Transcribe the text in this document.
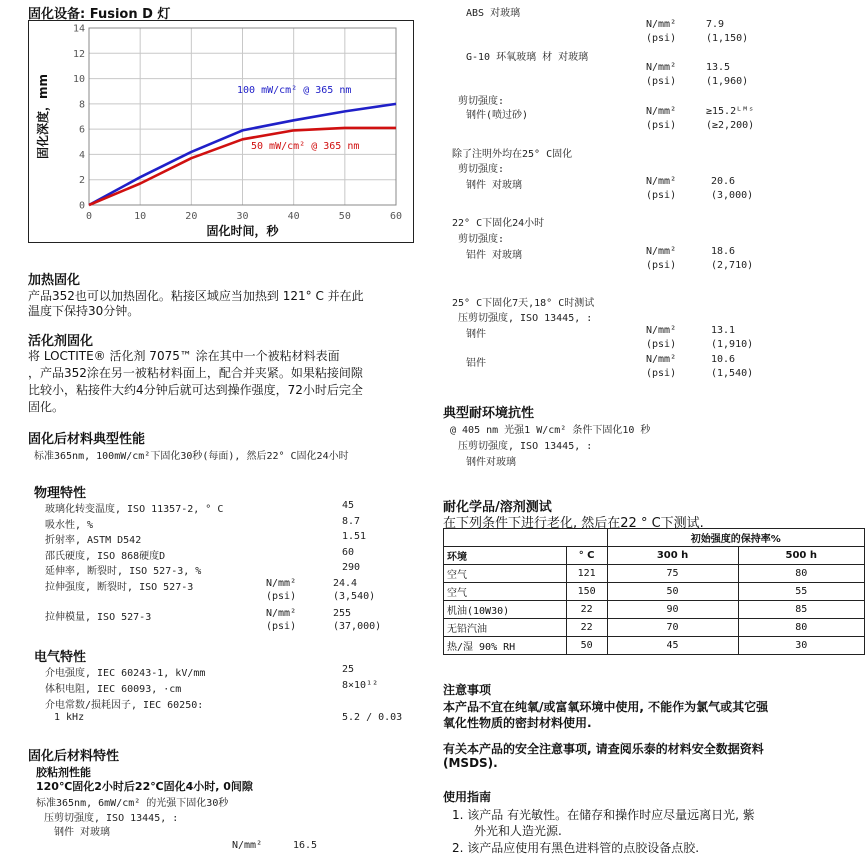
固化设备: Fusion D 灯
0
2
4
6
8
10
12
14
0	10	20	30	40	50	60
100 mW/cm² @ 365 nm
50 mW/cm² @ 365 nm
固化时间，秒
固化深度，mm
加热固化
产品352也可以加热固化。粘接区域应当加热到 121° C 并在此
温度下保持30分钟。
活化剂固化
将 LOCTITE® 活化剂 7075™ 涂在其中一个被粘材料表面
，产品352涂在另一被粘材料面上，配合并夹紧。如果粘接间隙
比较小，粘接件大约4分钟后就可达到操作强度，72小时后完全
固化。
固化后材料典型性能
标准365nm, 100mW/cm²下固化30秒(每面), 然后22° C固化24小时
物理特性
玻璃化转变温度, ISO 11357-2, ° C	45
吸水性, %	8.7
折射率, ASTM D542	1.51
邵氏硬度, ISO 868硬度D	60
延伸率, 断裂时, ISO 527-3, %	290
拉伸强度, 断裂时, ISO 527-3	N/mm²	24.4
(psi)	(3,540)
拉伸模量, ISO 527-3	N/mm²	255
(psi)	(37,000)
电气特性
介电强度, IEC 60243-1, kV/mm	25
体积电阻, IEC 60093, ·cm	8×10¹²
介电常数/损耗因子, IEC 60250:
1 kHz	5.2 / 0.03
固化后材料特性
胶粘剂性能
120℃固化2小时后22℃固化4小时, 0间隙
标准365nm, 6mW/cm² 的光强下固化30秒
压剪切强度, ISO 13445, :
钢件 对玻璃
N/mm²	16.5
ABS 对玻璃
N/mm²	7.9
(psi)	(1,150)
G-10 环氧玻璃 材 对玻璃
N/mm²	13.5
(psi)	(1,960)
剪切强度:
钢件(喷过砂)	N/mm²	≥15.2ᴸᴹˢ
(psi)	(≥2,200)
除了注明外均在25° C固化
剪切强度:
钢件 对玻璃	N/mm²	20.6
(psi)	(3,000)
22° C下固化24小时
剪切强度:
铝件 对玻璃	N/mm²	18.6
(psi)	(2,710)
25° C下固化7天,18° C时测试
压剪切强度, ISO 13445, :
钢件	N/mm²	13.1
(psi)	(1,910)
铝件	N/mm²	10.6
(psi)	(1,540)
典型耐环境抗性
@ 405 nm 光强1 W/cm² 条件下固化10 秒
压剪切强度, ISO 13445, :
钢件对玻璃
耐化学品/溶剂测试
在下列条件下进行老化, 然后在22 ° C下测试.
		初始强度的保持率%	
环境	° C	300 h	500 h
空气	121	75	80
空气	150	50	55
机油(10W30)	22	90	85
无铅汽油	22	70	80
热/湿 90% RH	50	45	30
注意事项
本产品不宜在纯氧/或富氧环境中使用, 不能作为氯气或其它强
氧化性物质的密封材料使用.
有关本产品的安全注意事项, 请查阅乐泰的材料安全数据资料
(MSDS).
使用指南
1. 该产品 有光敏性。在储存和操作时应尽量远离日光, 紫
外光和人造光源.
2. 该产品应使用有黑色进料管的点胶设备点胶.
